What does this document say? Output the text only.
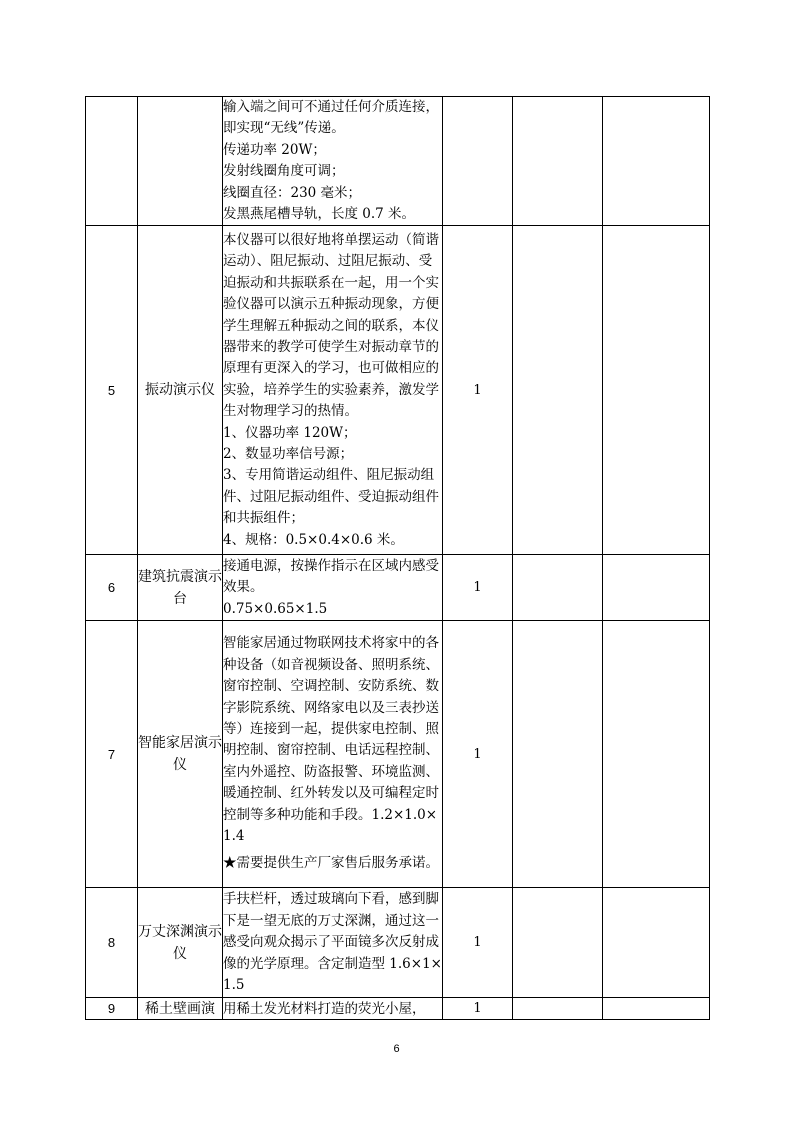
		输入端之间可不通过任何介质连接，即实现“无线”传递。
传递功率 20W；
发射线圈角度可调；
线圈直径：230 毫米；
发黑燕尾槽导轨，长度 0.7 米。			

5	振动演示仪	本仪器可以很好地将单摆运动（简谐运动）、阻尼振动、过阻尼振动、受迫振动和共振联系在一起，用一个实验仪器可以演示五种振动现象，方便学生理解五种振动之间的联系，本仪器带来的教学可使学生对振动章节的原理有更深入的学习，也可做相应的实验，培养学生的实验素养，激发学生对物理学习的热情。
1、仪器功率 120W；
2、数显功率信号源；
3、专用简谐运动组件、阻尼振动组件、过阻尼振动组件、受迫振动组件和共振组件；
4、规格：0.5×0.4×0.6 米。	1		
6	建筑抗震演示台	接通电源，按操作指示在区域内感受效果。
0.75×0.65×1.5	1		
7	智能家居演示仪	智能家居通过物联网技术将家中的各种设备（如音视频设备、照明系统、窗帘控制、空调控制、安防系统、数字影院系统、网络家电以及三表抄送等）连接到一起，提供家电控制、照明控制、窗帘控制、电话远程控制、室内外遥控、防盗报警、环境监测、暖通控制、红外转发以及可编程定时控制等多种功能和手段。1.2×1.0×1.4
★需要提供生产厂家售后服务承诺。	1		
8	万丈深渊演示仪	手扶栏杆，透过玻璃向下看，感到脚下是一望无底的万丈深渊，通过这一感受向观众揭示了平面镜多次反射成像的光学原理。含定制造型 1.6×1×1.5	1		
9	稀土壁画演	用稀土发光材料打造的荧光小屋，	1		
6
